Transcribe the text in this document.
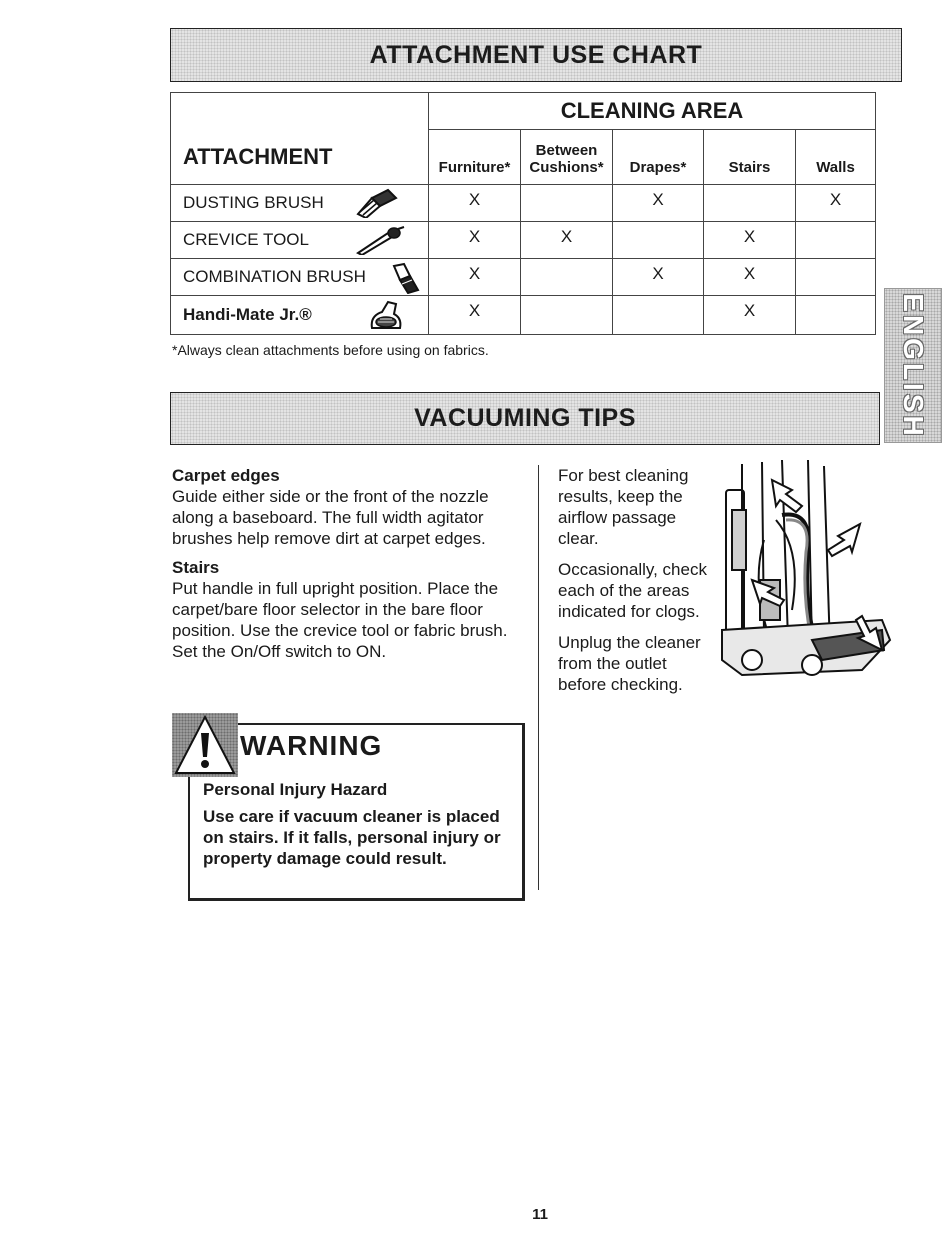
ATTACHMENT USE CHART
	CLEANING AREA				
ATTACHMENT	Furniture*	Between
Cushions*	Drapes*	Stairs	Walls
DUSTING BRUSH	X		X		X
CREVICE TOOL	X	X		X	
COMBINATION BRUSH	X		X	X	
Handi-Mate Jr.®	X			X	
*Always clean attachments before using on fabrics.	ENGLISH
VACUUMING TIPS
Carpet edges

Guide either side or the front of the nozzle along a baseboard. The full width agitator brushes help remove dirt at carpet edges.

Stairs

Put handle in full upright position. Place the carpet/bare floor selector in the bare floor position. Use the crevice tool or fabric brush. Set the On/Off switch to ON.

WARNING
Personal Injury Hazard
Use care if vacuum cleaner is placed on stairs. If it falls, personal injury or property damage could result.

For best cleaning results, keep the airflow passage clear.

Occasionally, check each of the areas indicated for clogs.

Unplug the cleaner from the outlet before checking.

11
